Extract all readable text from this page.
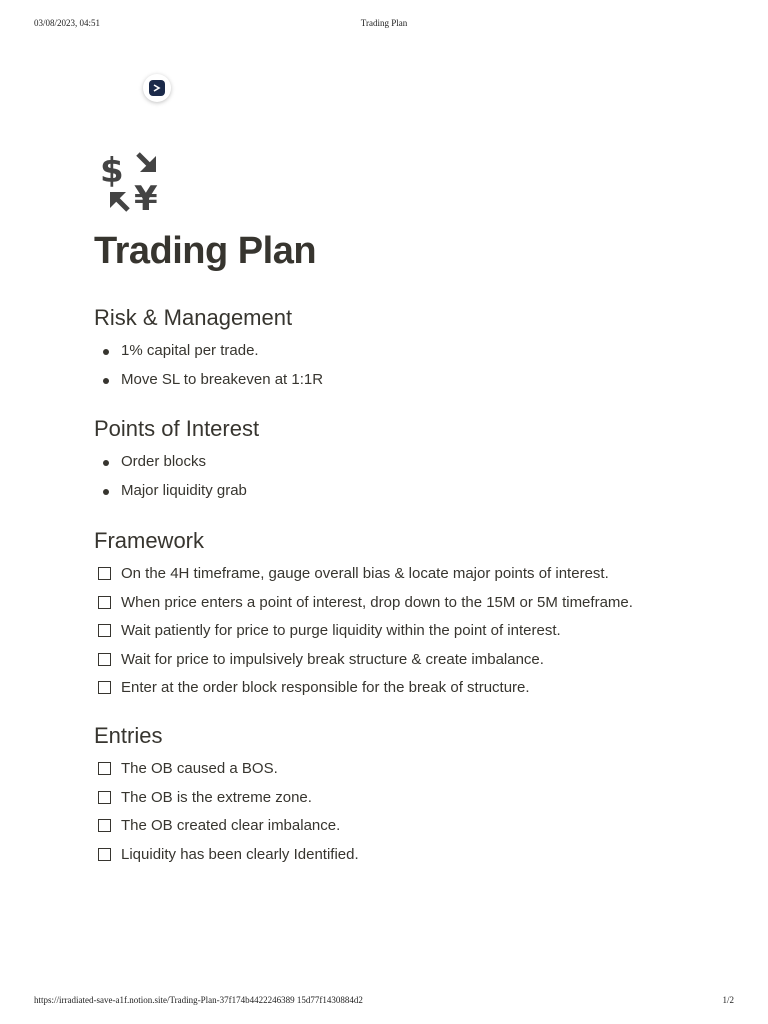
03/08/2023, 04:51	Trading Plan
$
¥
Trading Plan
Risk & Management
1% capital per trade.
Move SL to breakeven at 1:1R
Points of Interest
Order blocks
Major liquidity grab
Framework
On the 4H timeframe, gauge overall bias & locate major points of interest.
When price enters a point of interest, drop down to the 15M or 5M timeframe.
Wait patiently for price to purge liquidity within the point of interest.
Wait for price to impulsively break structure & create imbalance.
Enter at the order block responsible for the break of structure.
Entries
The OB caused a BOS.
The OB is the extreme zone.
The OB created clear imbalance.
Liquidity has been clearly Identified.
https://irradiated-save-a1f.notion.site/Trading-Plan-37f174b4422246389 15d77f1430884d2	1/2
